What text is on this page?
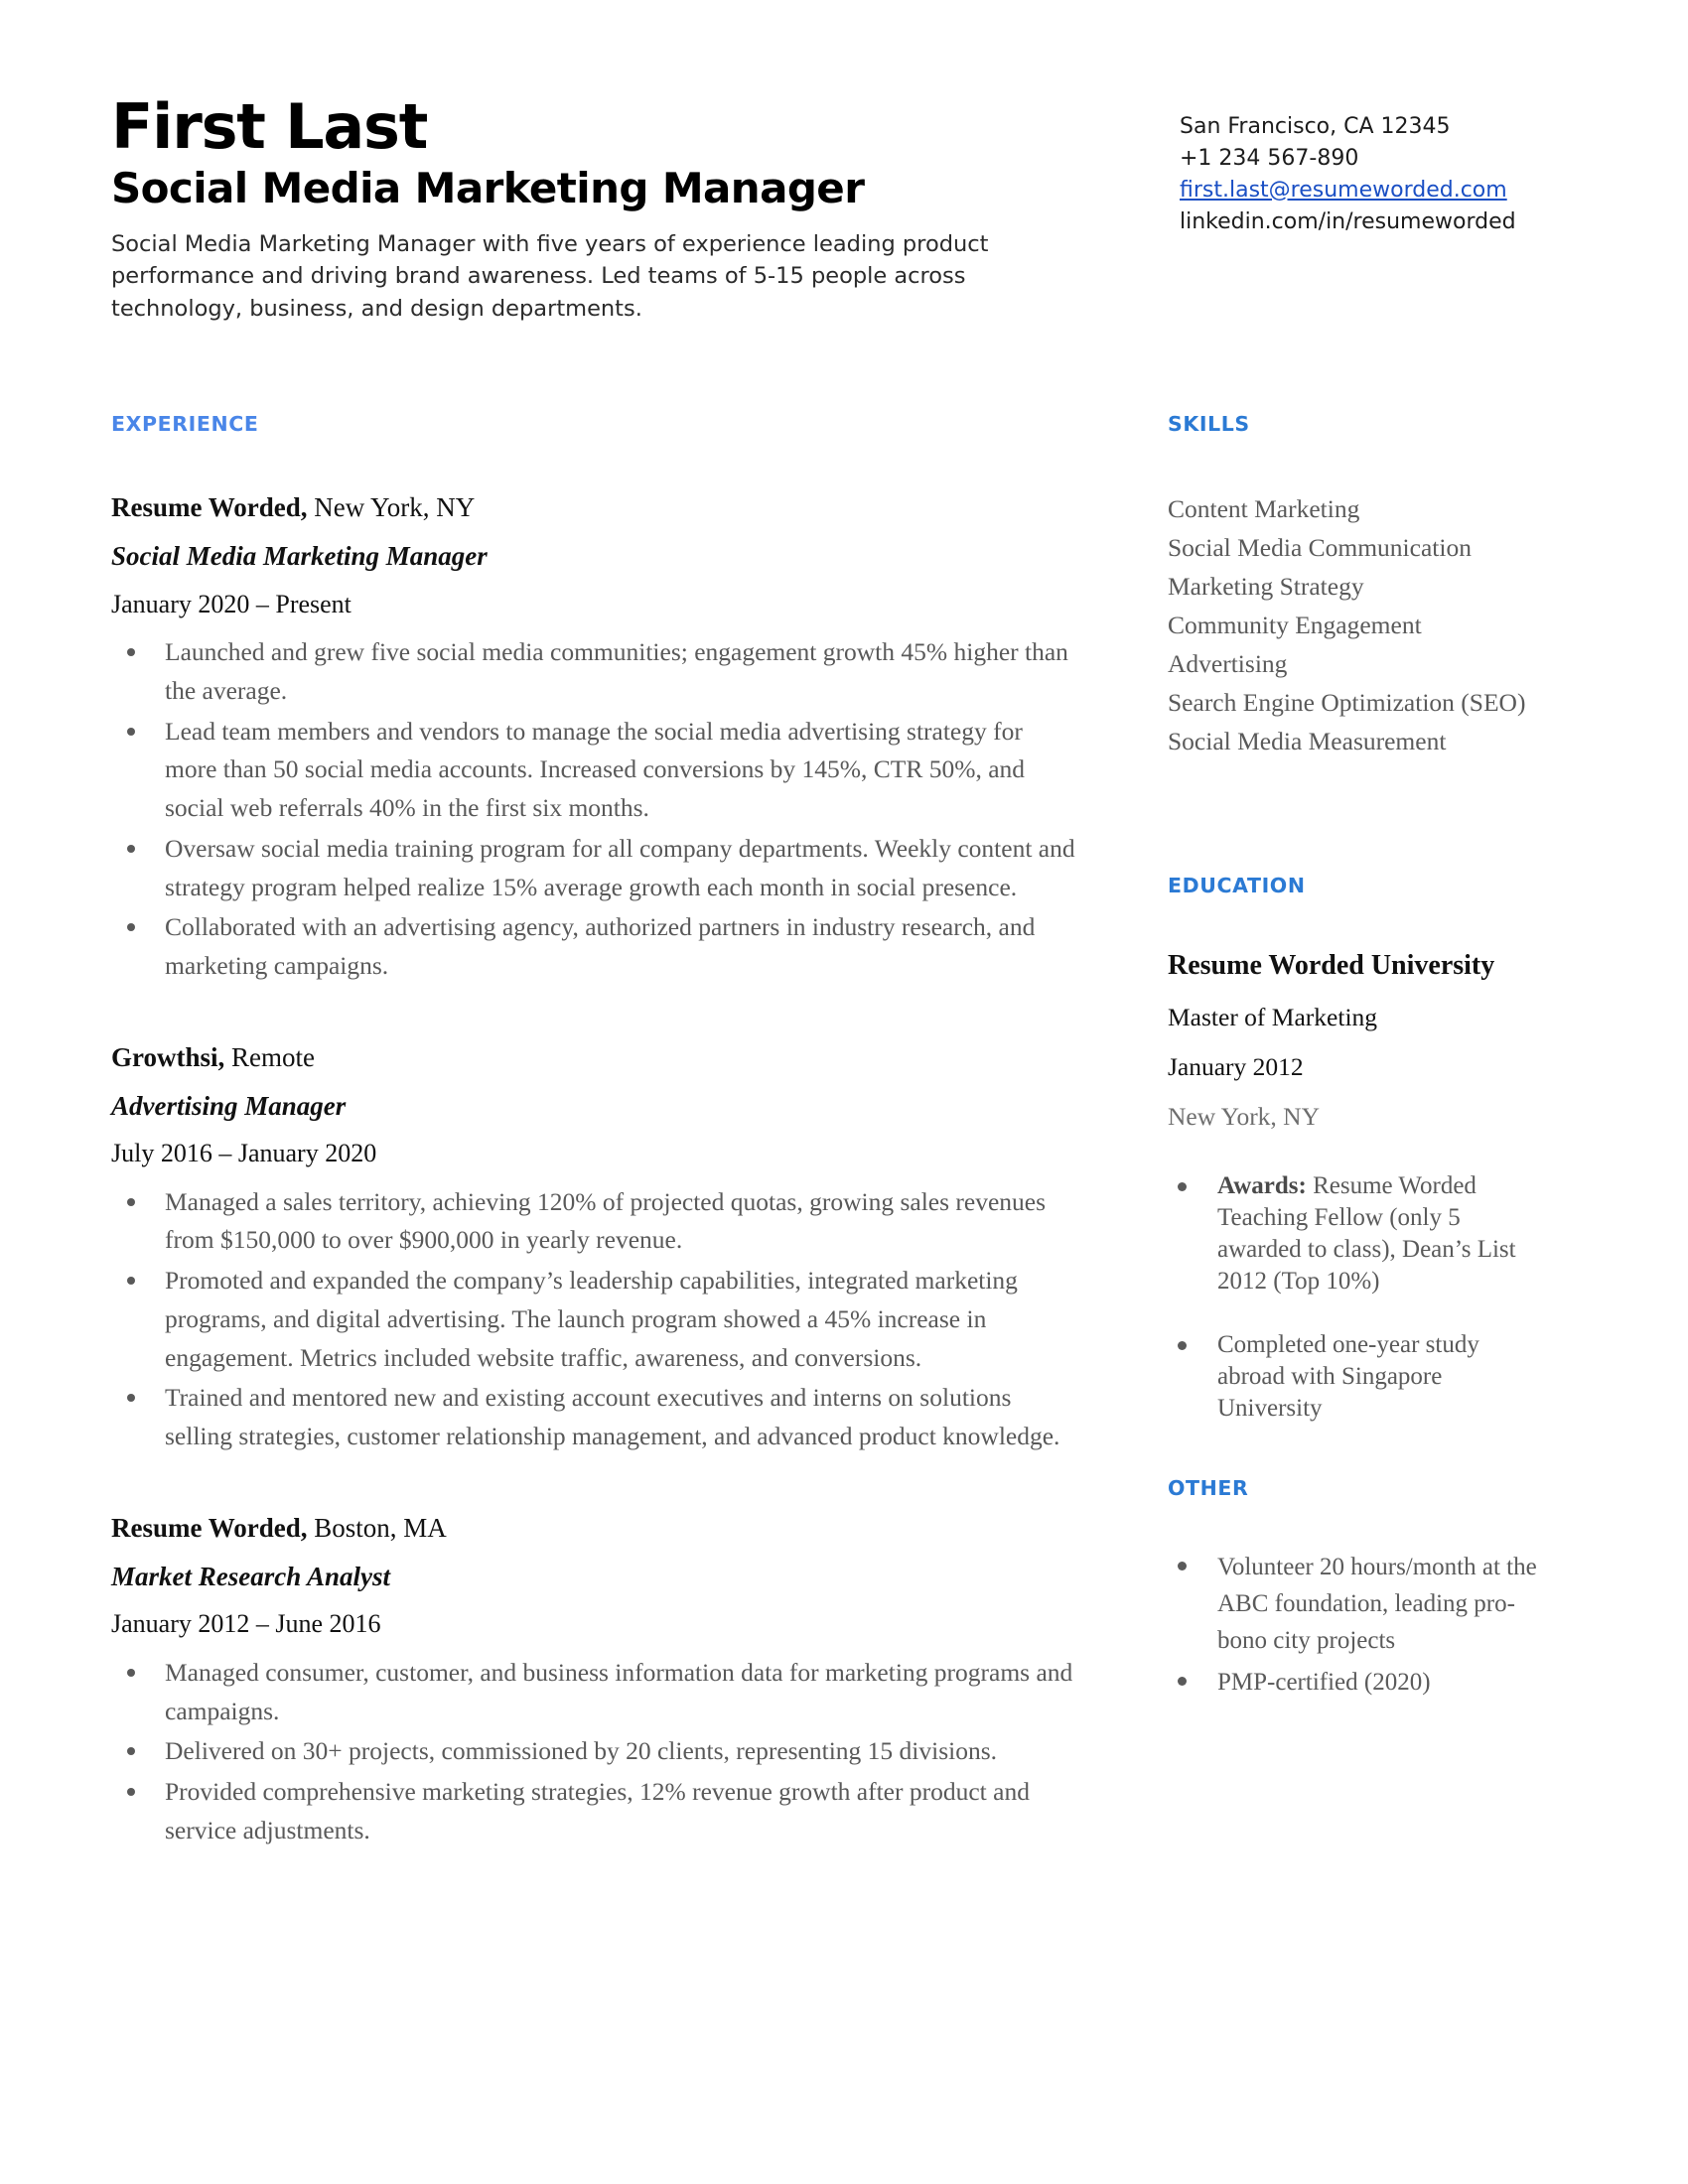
First Last
Social Media Marketing Manager
Social Media Marketing Manager with five years of experience leading product performance and driving brand awareness. Led teams of 5-15 people across technology, business, and design departments.
San Francisco, CA 12345
+1 234 567-890
first.last@resumeworded.com
linkedin.com/in/resumeworded
EXPERIENCE
Resume Worded, New York, NY
Social Media Marketing Manager
January 2020 – Present
Launched and grew five social media communities; engagement growth 45% higher than the average.
Lead team members and vendors to manage the social media advertising strategy for more than 50 social media accounts. Increased conversions by 145%, CTR 50%, and social web referrals 40% in the first six months.
Oversaw social media training program for all company departments. Weekly content and strategy program helped realize 15% average growth each month in social presence.
Collaborated with an advertising agency, authorized partners in industry research, and marketing campaigns.
Growthsi, Remote
Advertising Manager
July 2016 – January 2020
Managed a sales territory, achieving 120% of projected quotas, growing sales revenues from $150,000 to over $900,000 in yearly revenue.
Promoted and expanded the company’s leadership capabilities, integrated marketing programs, and digital advertising. The launch program showed a 45% increase in engagement. Metrics included website traffic, awareness, and conversions.
Trained and mentored new and existing account executives and interns on solutions selling strategies, customer relationship management, and advanced product knowledge.
Resume Worded, Boston, MA
Market Research Analyst
January 2012 – June 2016
Managed consumer, customer, and business information data for marketing programs and campaigns.
Delivered on 30+ projects, commissioned by 20 clients, representing 15 divisions.
Provided comprehensive marketing strategies, 12% revenue growth after product and service adjustments.
SKILLS
Content Marketing
Social Media Communication
Marketing Strategy
Community Engagement
Advertising
Search Engine Optimization (SEO)
Social Media Measurement
EDUCATION
Resume Worded University
Master of Marketing
January 2012
New York, NY
Awards: Resume Worded Teaching Fellow (only 5 awarded to class), Dean’s List 2012 (Top 10%)
Completed one-year study abroad with Singapore University
OTHER
Volunteer 20 hours/month at the ABC foundation, leading pro-bono city projects
PMP-certified (2020)
